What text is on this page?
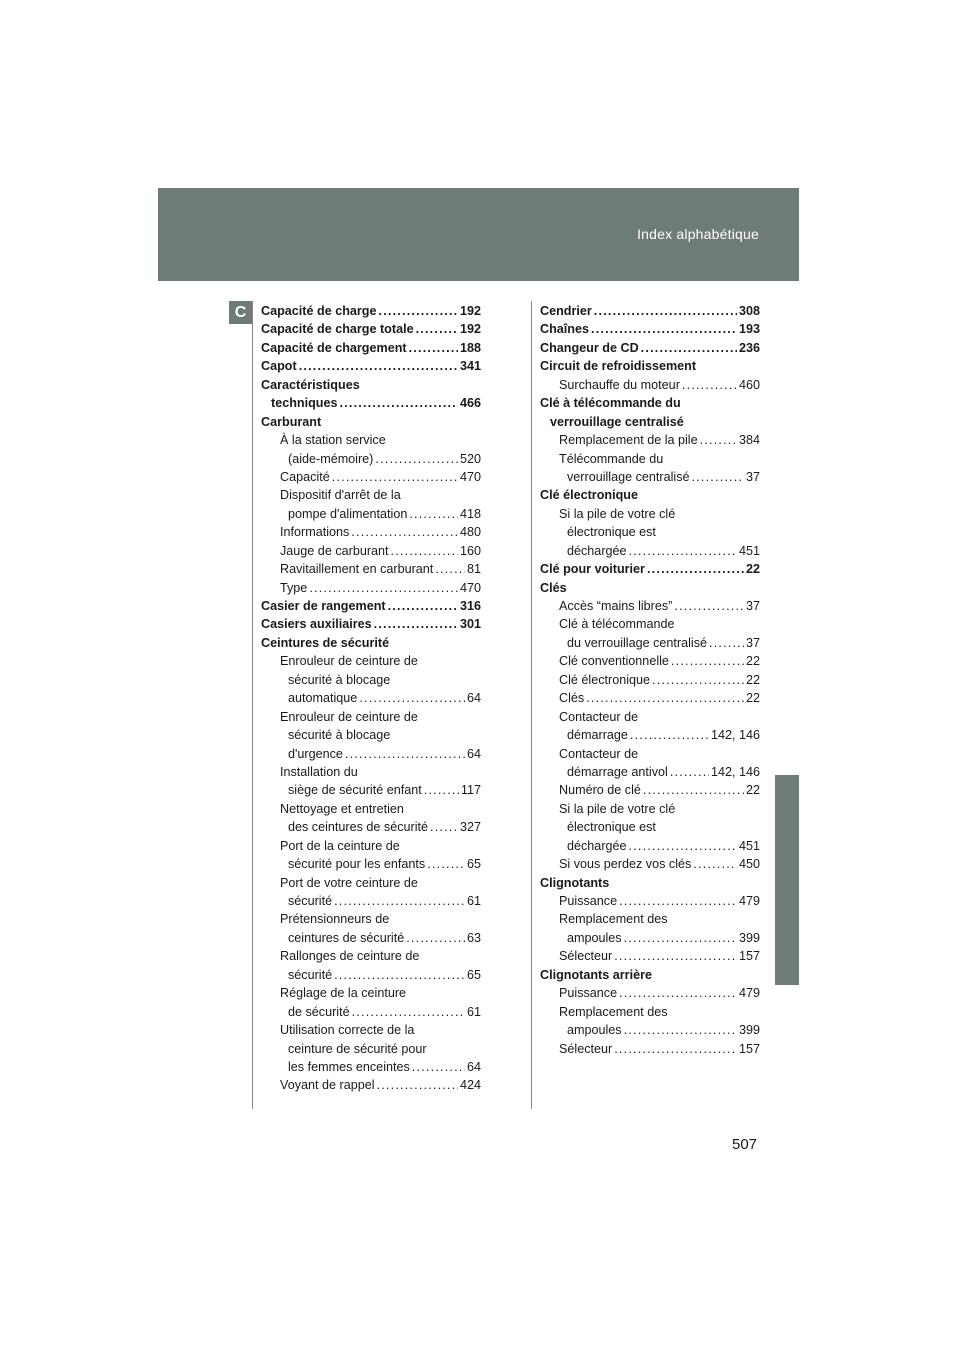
Index alphabétique
C	Capacité de charge .....	192
Capacité de charge totale .....	192
Capacité de chargement .....	188
Capot .....	341
Caractéristiques
techniques .....	466
Carburant
À la station service
(aide-mémoire) .....	520
Capacité .....	470
Dispositif d'arrêt de la
pompe d'alimentation .....	418
Informations .....	480
Jauge de carburant .....	160
Ravitaillement en carburant .....	81
Type .....	470
Casier de rangement .....	316
Casiers auxiliaires .....	301
Ceintures de sécurité
Enrouleur de ceinture de
sécurité à blocage
automatique .....	64
Enrouleur de ceinture de
sécurité à blocage
d'urgence .....	64
Installation du
siège de sécurité enfant .....	117
Nettoyage et entretien
des ceintures de sécurité .....	327
Port de la ceinture de
sécurité pour les enfants .....	65
Port de votre ceinture de
sécurité .....	61
Prétensionneurs de
ceintures de sécurité .....	63
Rallonges de ceinture de
sécurité .....	65
Réglage de la ceinture
de sécurité .....	61
Utilisation correcte de la
ceinture de sécurité pour
les femmes enceintes .....	64
Voyant de rappel .....	424
Cendrier .....	308
Chaînes .....	193
Changeur de CD .....	236
Circuit de refroidissement
Surchauffe du moteur .....	460
Clé à télécommande du
verrouillage centralisé
Remplacement de la pile .....	384
Télécommande du
verrouillage centralisé .....	37
Clé électronique
Si la pile de votre clé
électronique est
déchargée .....	451
Clé pour voiturier .....	22
Clés
Accès “mains libres” .....	37
Clé à télécommande
du verrouillage centralisé .....	37
Clé conventionnelle .....	22
Clé électronique .....	22
Clés .....	22
Contacteur de
démarrage .....	142, 146
Contacteur de
démarrage antivol .....	142, 146
Numéro de clé .....	22
Si la pile de votre clé
électronique est
déchargée .....	451
Si vous perdez vos clés .....	450
Clignotants
Puissance .....	479
Remplacement des
ampoules .....	399
Sélecteur .....	157
Clignotants arrière
Puissance .....	479
Remplacement des
ampoules .....	399
Sélecteur .....	157
507
